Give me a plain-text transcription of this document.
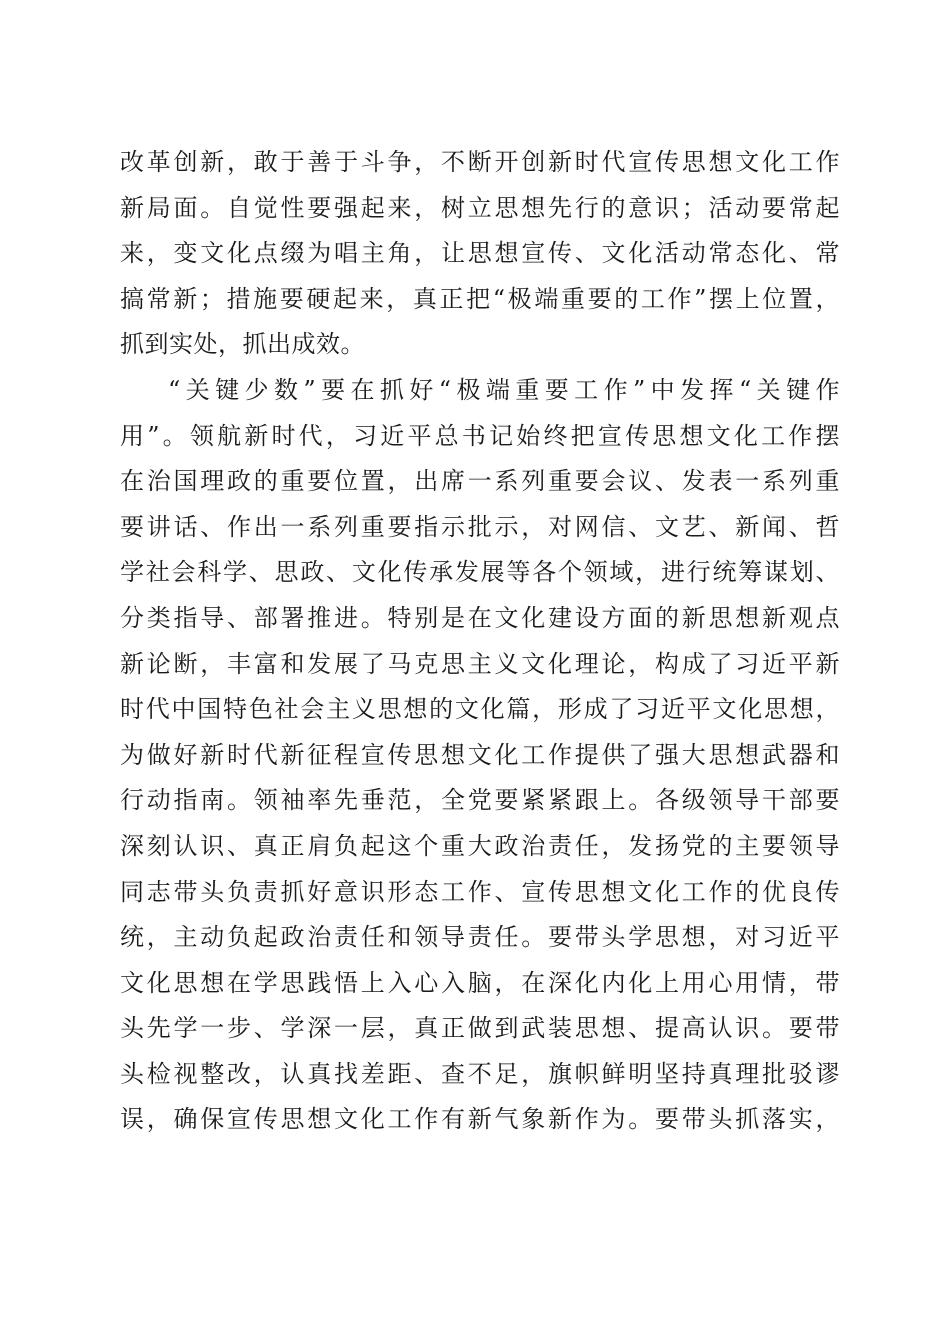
改革创新，敢于善于斗争，不断开创新时代宣传思想文化工作
新局面。自觉性要强起来，树立思想先行的意识；活动要常起
来，变文化点缀为唱主角，让思想宣传、文化活动常态化、常
搞常新；措施要硬起来，真正把“极端重要的工作”摆上位置，
抓到实处，抓出成效。
“关键少数”要在抓好“极端重要工作”中发挥“关键作
用”。领航新时代，习近平总书记始终把宣传思想文化工作摆
在治国理政的重要位置，出席一系列重要会议、发表一系列重
要讲话、作出一系列重要指示批示，对网信、文艺、新闻、哲
学社会科学、思政、文化传承发展等各个领域，进行统筹谋划、
分类指导、部署推进。特别是在文化建设方面的新思想新观点
新论断，丰富和发展了马克思主义文化理论，构成了习近平新
时代中国特色社会主义思想的文化篇，形成了习近平文化思想，
为做好新时代新征程宣传思想文化工作提供了强大思想武器和
行动指南。领袖率先垂范，全党要紧紧跟上。各级领导干部要
深刻认识、真正肩负起这个重大政治责任，发扬党的主要领导
同志带头负责抓好意识形态工作、宣传思想文化工作的优良传
统，主动负起政治责任和领导责任。要带头学思想，对习近平
文化思想在学思践悟上入心入脑，在深化内化上用心用情，带
头先学一步、学深一层，真正做到武装思想、提高认识。要带
头检视整改，认真找差距、查不足，旗帜鲜明坚持真理批驳谬
误，确保宣传思想文化工作有新气象新作为。要带头抓落实，
